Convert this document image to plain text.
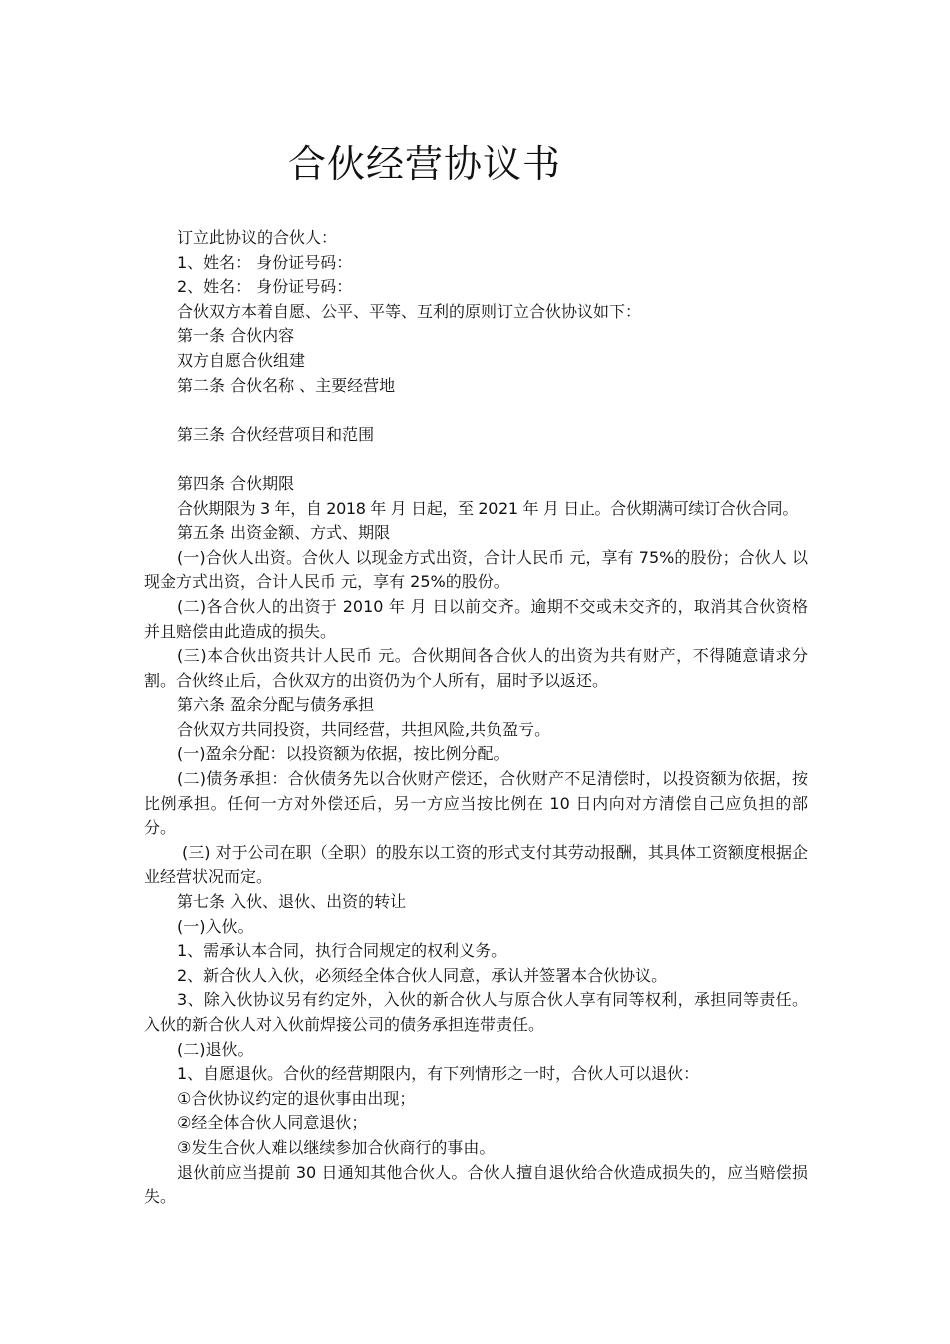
合伙经营协议书

订立此协议的合伙人：

1、姓名： 身份证号码：

2、姓名： 身份证号码：

合伙双方本着自愿、公平、平等、互利的原则订立合伙协议如下：

第一条 合伙内容

双方自愿合伙组建

第二条 合伙名称 、主要经营地

第三条 合伙经营项目和范围

第四条 合伙期限

合伙期限为 3 年，自 2018 年 月 日起，至 2021 年 月 日止。合伙期满可续订合伙合同。

第五条 出资金额、方式、期限

(一)合伙人出资。合伙人 以现金方式出资，合计人民币 元，享有 75%的股份；合伙人 以现金方式出资，合计人民币 元，享有 25%的股份。

(二)各合伙人的出资于 2010 年 月 日以前交齐。逾期不交或未交齐的，取消其合伙资格并且赔偿由此造成的损失。

(三)本合伙出资共计人民币 元。合伙期间各合伙人的出资为共有财产，不得随意请求分割。合伙终止后，合伙双方的出资仍为个人所有，届时予以返还。

第六条 盈余分配与债务承担

合伙双方共同投资，共同经营，共担风险,共负盈亏。

(一)盈余分配：以投资额为依据，按比例分配。

(二)债务承担：合伙债务先以合伙财产偿还，合伙财产不足清偿时，以投资额为依据，按比例承担。任何一方对外偿还后，另一方应当按比例在 10 日内向对方清偿自己应负担的部分。

(三) 对于公司在职（全职）的股东以工资的形式支付其劳动报酬，其具体工资额度根据企业经营状况而定。

第七条 入伙、退伙、出资的转让

(一)入伙。

1、需承认本合同，执行合同规定的权利义务。

2、新合伙人入伙，必须经全体合伙人同意，承认并签署本合伙协议。

3、除入伙协议另有约定外，入伙的新合伙人与原合伙人享有同等权利，承担同等责任。入伙的新合伙人对入伙前焊接公司的债务承担连带责任。

(二)退伙。

1、自愿退伙。合伙的经营期限内，有下列情形之一时，合伙人可以退伙：

①合伙协议约定的退伙事由出现；

②经全体合伙人同意退伙；

③发生合伙人难以继续参加合伙商行的事由。

退伙前应当提前 30 日通知其他合伙人。合伙人擅自退伙给合伙造成损失的，应当赔偿损失。
